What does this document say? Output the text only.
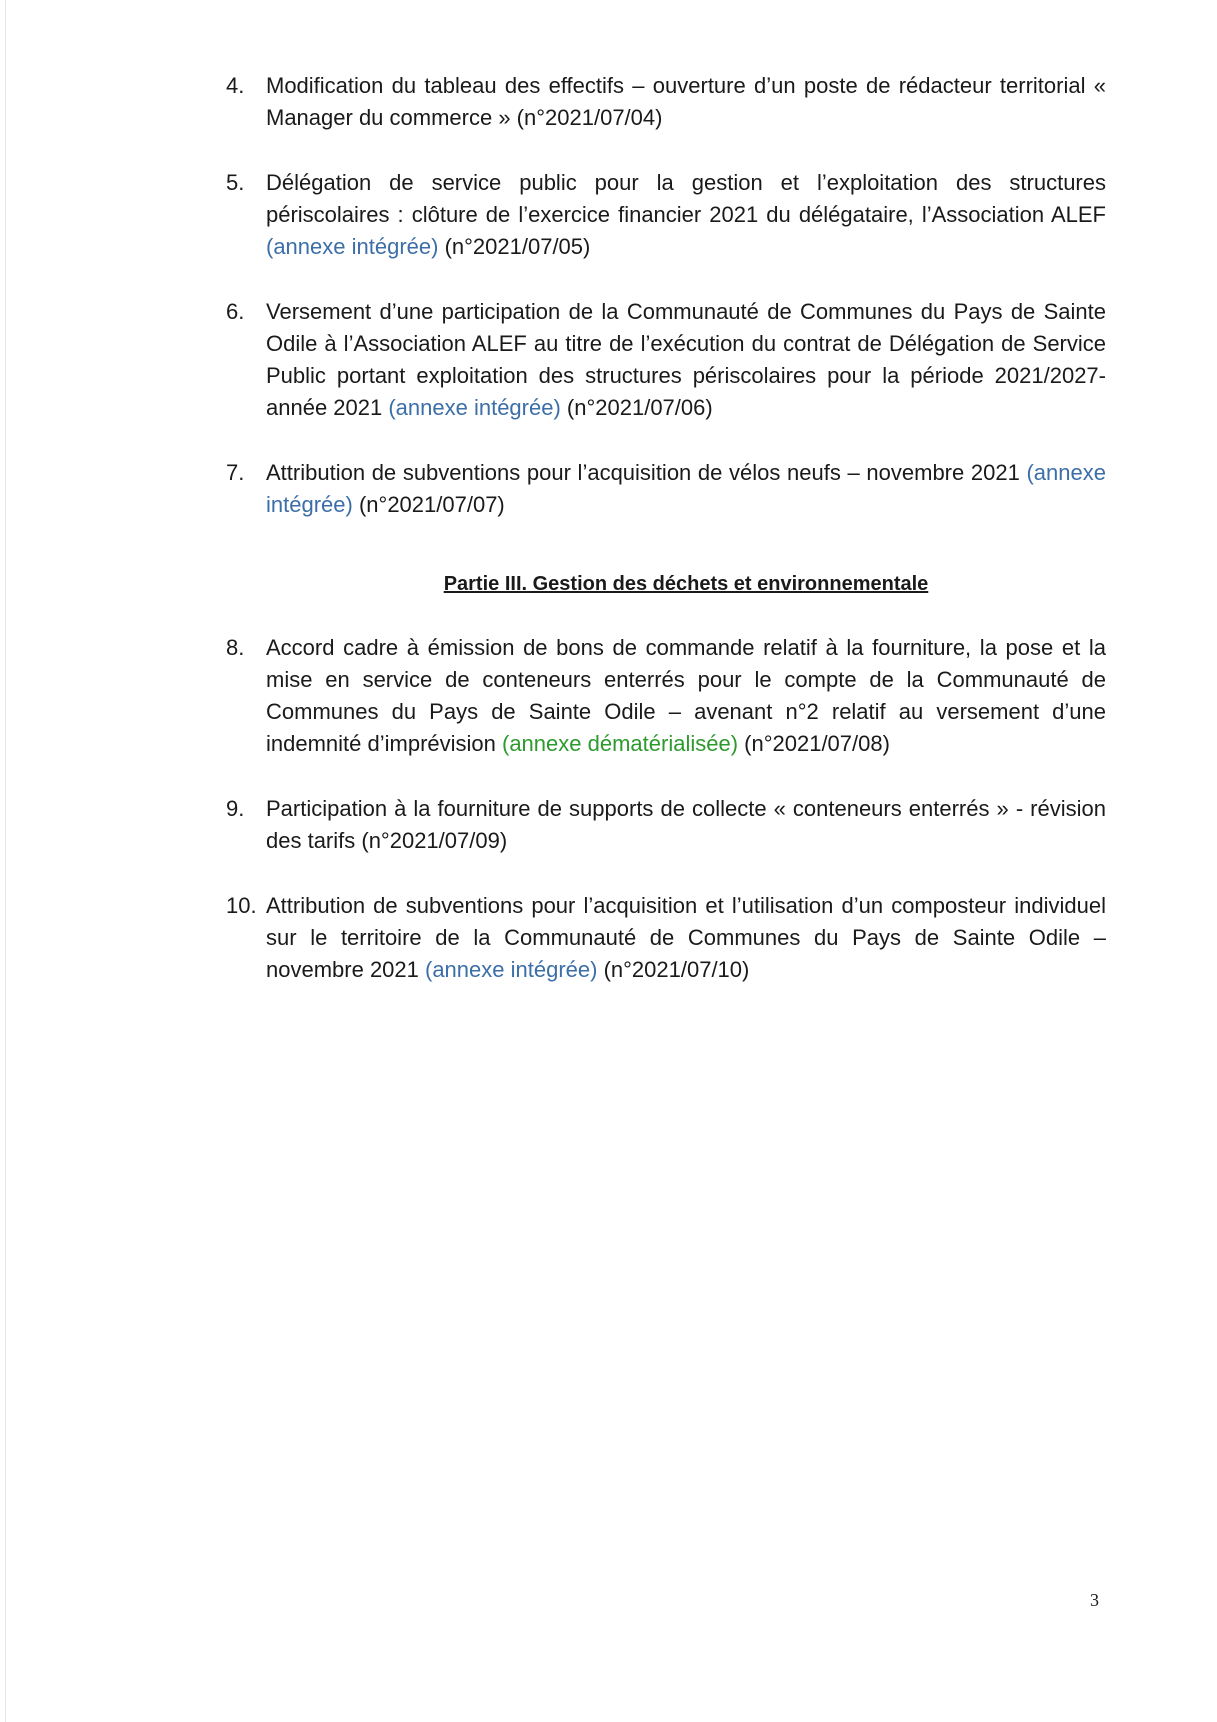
4. Modification du tableau des effectifs – ouverture d’un poste de rédacteur territorial « Manager du commerce » (n°2021/07/04)
5. Délégation de service public pour la gestion et l’exploitation des structures périscolaires : clôture de l’exercice financier 2021 du délégataire, l’Association ALEF (annexe intégrée) (n°2021/07/05)
6. Versement d’une participation de la Communauté de Communes du Pays de Sainte Odile à l’Association ALEF au titre de l’exécution du contrat de Délégation de Service Public portant exploitation des structures périscolaires pour la période 2021/2027- année 2021 (annexe intégrée) (n°2021/07/06)
7. Attribution de subventions pour l’acquisition de vélos neufs – novembre 2021 (annexe intégrée) (n°2021/07/07)
Partie III. Gestion des déchets et environnementale
8. Accord cadre à émission de bons de commande relatif à la fourniture, la pose et la mise en service de conteneurs enterrés pour le compte de la Communauté de Communes du Pays de Sainte Odile – avenant n°2 relatif au versement d’une indemnité d’imprévision (annexe dématérialisée) (n°2021/07/08)
9. Participation à la fourniture de supports de collecte « conteneurs enterrés » - révision des tarifs (n°2021/07/09)
10. Attribution de subventions pour l’acquisition et l’utilisation d’un composteur individuel sur le territoire de la Communauté de Communes du Pays de Sainte Odile – novembre 2021 (annexe intégrée) (n°2021/07/10)
3
